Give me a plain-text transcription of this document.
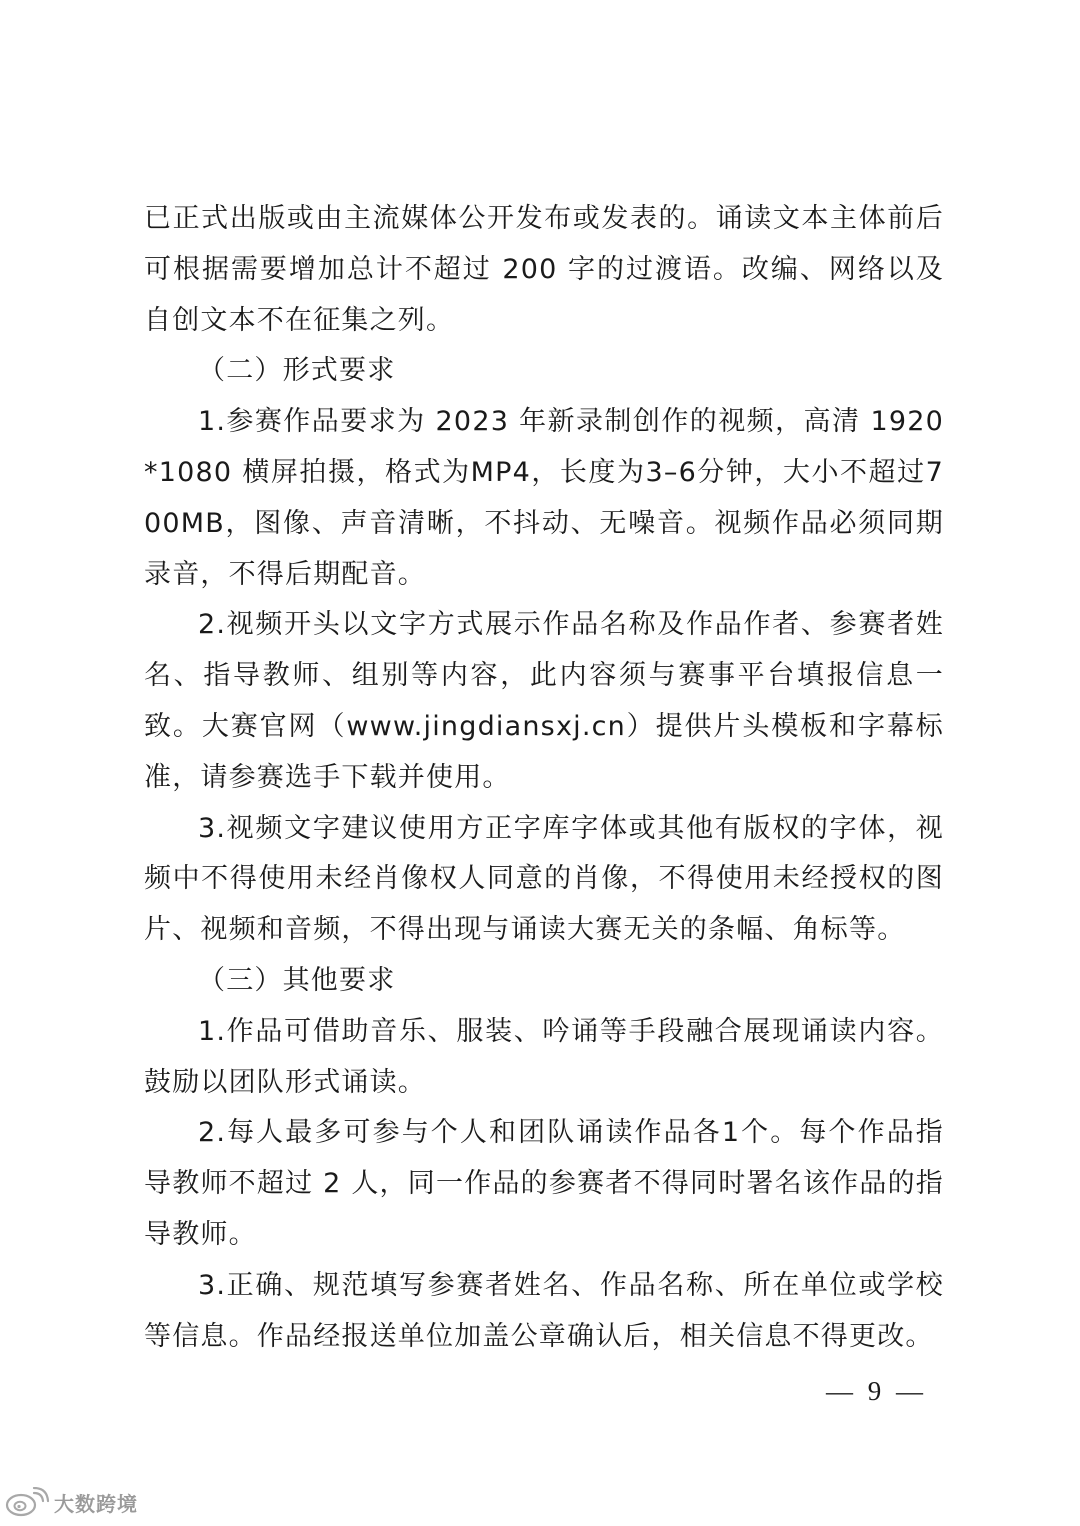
已正式出版或由主流媒体公开发布或发表的。诵读文本主体前后可根据需要增加总计不超过 200 字的过渡语。改编、网络以及自创文本不在征集之列。

（二）形式要求

1.参赛作品要求为 2023 年新录制创作的视频，高清 1920*1080 横屏拍摄，格式为MP4，长度为3–6分钟，大小不超过700MB，图像、声音清晰，不抖动、无噪音。视频作品必须同期录音，不得后期配音。

2.视频开头以文字方式展示作品名称及作品作者、参赛者姓名、指导教师、组别等内容，此内容须与赛事平台填报信息一致。大赛官网（www.jingdiansxj.cn）提供片头模板和字幕标准，请参赛选手下载并使用。

3.视频文字建议使用方正字库字体或其他有版权的字体，视频中不得使用未经肖像权人同意的肖像，不得使用未经授权的图片、视频和音频，不得出现与诵读大赛无关的条幅、角标等。

（三）其他要求

1.作品可借助音乐、服装、吟诵等手段融合展现诵读内容。鼓励以团队形式诵读。

2.每人最多可参与个人和团队诵读作品各1个。每个作品指导教师不超过 2 人，同一作品的参赛者不得同时署名该作品的指导教师。

3.正确、规范填写参赛者姓名、作品名称、所在单位或学校等信息。作品经报送单位加盖公章确认后，相关信息不得更改。

— 9 —
大数跨境
